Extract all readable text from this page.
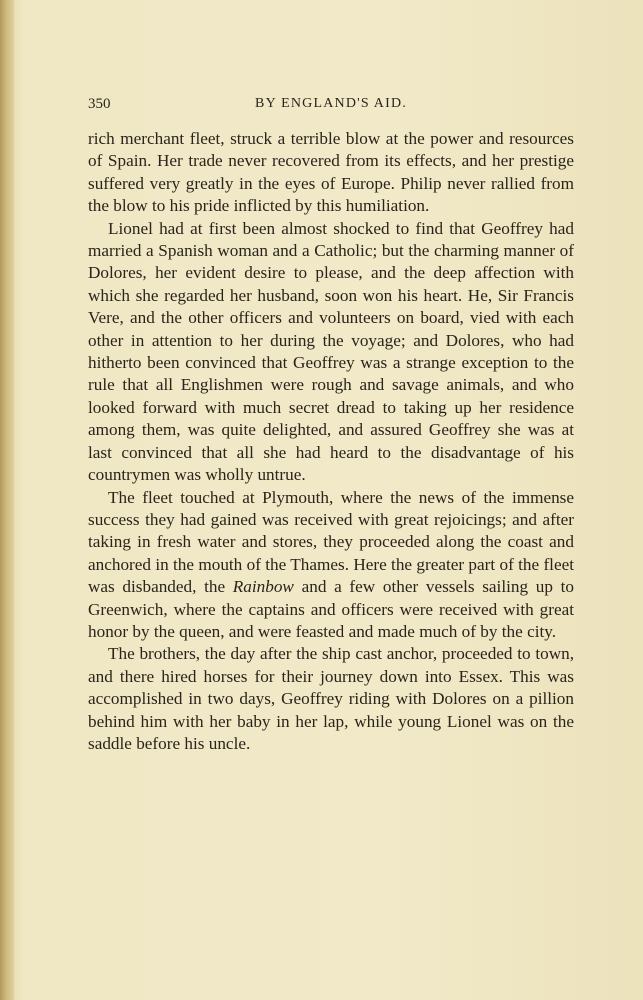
350	BY ENGLAND'S AID.

rich merchant fleet, struck a terrible blow at the power and resources of Spain. Her trade never recovered from its effects, and her prestige suffered very greatly in the eyes of Europe. Philip never rallied from the blow to his pride inflicted by this humiliation.

Lionel had at first been almost shocked to find that Geoffrey had married a Spanish woman and a Catholic; but the charming manner of Dolores, her evident desire to please, and the deep affection with which she regarded her husband, soon won his heart. He, Sir Francis Vere, and the other officers and volunteers on board, vied with each other in attention to her during the voyage; and Dolores, who had hitherto been convinced that Geoffrey was a strange exception to the rule that all Englishmen were rough and savage animals, and who looked forward with much secret dread to taking up her residence among them, was quite delighted, and assured Geoffrey she was at last convinced that all she had heard to the disadvantage of his countrymen was wholly untrue.

The fleet touched at Plymouth, where the news of the immense success they had gained was received with great rejoicings; and after taking in fresh water and stores, they proceeded along the coast and anchored in the mouth of the Thames. Here the greater part of the fleet was disbanded, the Rainbow and a few other vessels sailing up to Greenwich, where the captains and officers were received with great honor by the queen, and were feasted and made much of by the city.

The brothers, the day after the ship cast anchor, proceeded to town, and there hired horses for their journey down into Essex. This was accomplished in two days, Geoffrey riding with Dolores on a pillion behind him with her baby in her lap, while young Lionel was on the saddle before his uncle.
